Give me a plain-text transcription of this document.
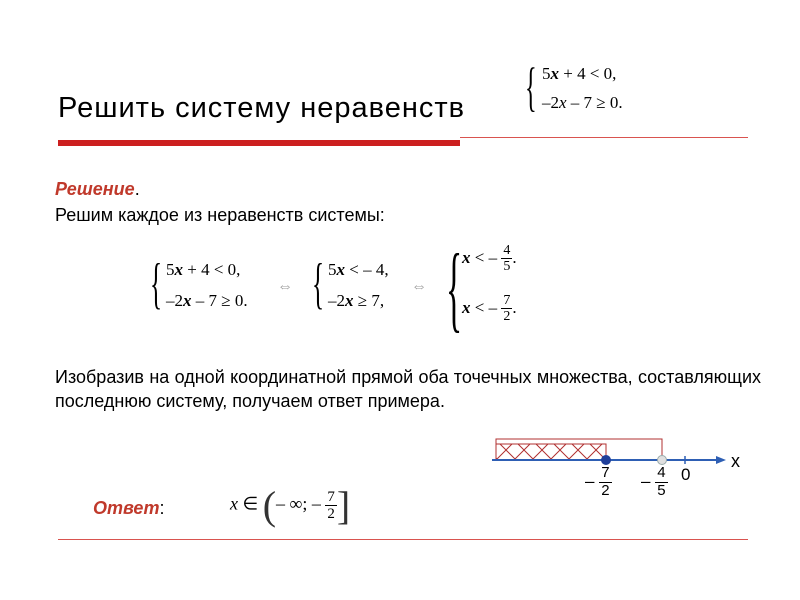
Решить систему неравенств { 5x + 4 < 0,
–2x – 7 ≥ 0.
Решение.
Решим каждое из неравенств системы:
{ 5x + 4 < 0,
–2x – 7 ≥ 0.
⇔ { 5x < – 4,
–2x ≥ 7,
⇔ { x < – $\frac{4}{5}$ .
x < – $\frac{7}{2}$ .
Изобразив на одной координатной прямой оба точечных множества, составляющих последнюю систему, получаем ответ примера.
x
0
– $\frac{7}{2} - \frac{4}{5}$
Ответ:	x ∈ (– ∞; – $\frac{7}{2}$ ]
